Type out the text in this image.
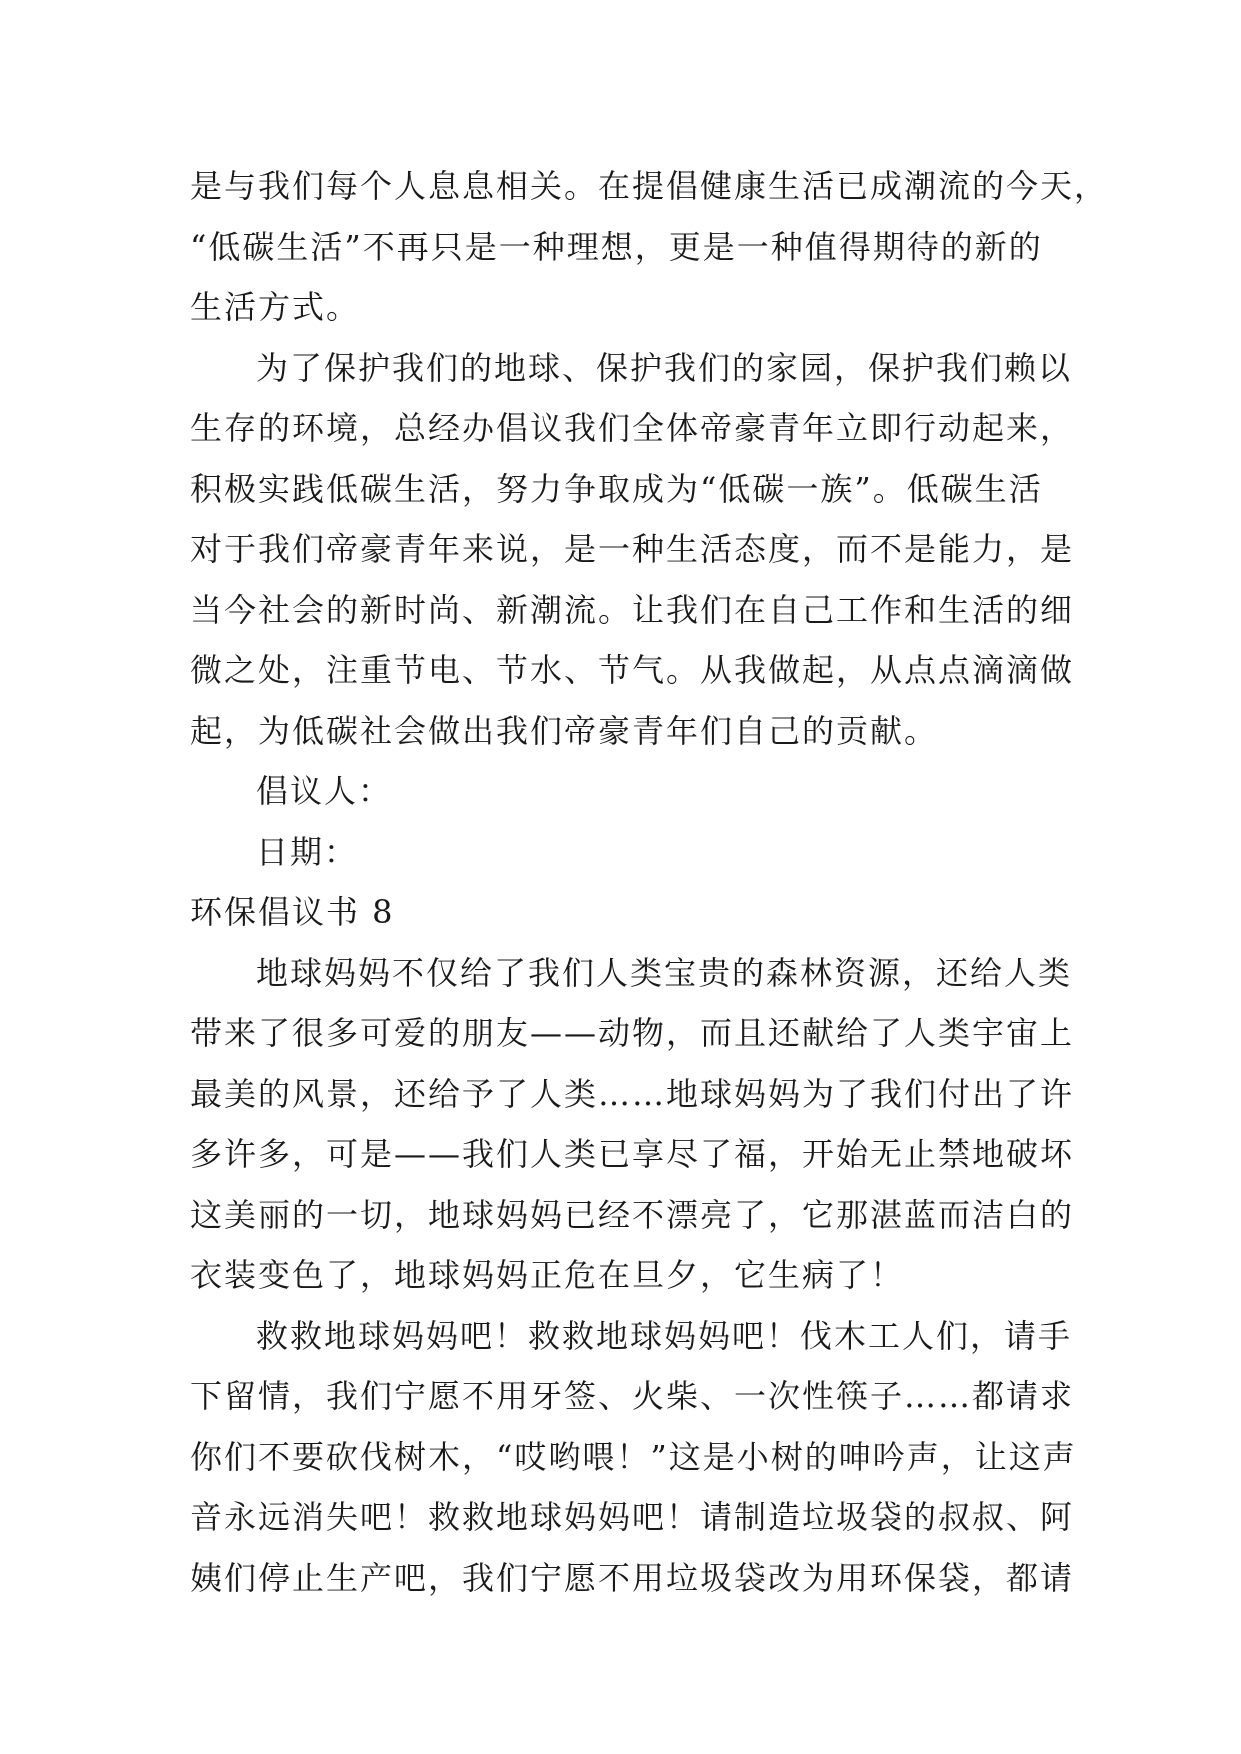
是与我们每个人息息相关。在提倡健康生活已成潮流的今天，
“低碳生活”不再只是一种理想，更是一种值得期待的新的
生活方式。
为了保护我们的地球、保护我们的家园，保护我们赖以
生存的环境，总经办倡议我们全体帝豪青年立即行动起来，
积极实践低碳生活，努力争取成为“低碳一族”。低碳生活
对于我们帝豪青年来说，是一种生活态度，而不是能力，是
当今社会的新时尚、新潮流。让我们在自己工作和生活的细
微之处，注重节电、节水、节气。从我做起，从点点滴滴做
起，为低碳社会做出我们帝豪青年们自己的贡献。
倡议人：
日期：
环保倡议书 8
地球妈妈不仅给了我们人类宝贵的森林资源，还给人类
带来了很多可爱的朋友——动物，而且还献给了人类宇宙上
最美的风景，还给予了人类……地球妈妈为了我们付出了许
多许多，可是——我们人类已享尽了福，开始无止禁地破坏
这美丽的一切，地球妈妈已经不漂亮了，它那湛蓝而洁白的
衣装变色了，地球妈妈正危在旦夕，它生病了！
救救地球妈妈吧！救救地球妈妈吧！伐木工人们，请手
下留情，我们宁愿不用牙签、火柴、一次性筷子……都请求
你们不要砍伐树木，“哎哟喂！”这是小树的呻吟声，让这声
音永远消失吧！救救地球妈妈吧！请制造垃圾袋的叔叔、阿
姨们停止生产吧，我们宁愿不用垃圾袋改为用环保袋，都请
